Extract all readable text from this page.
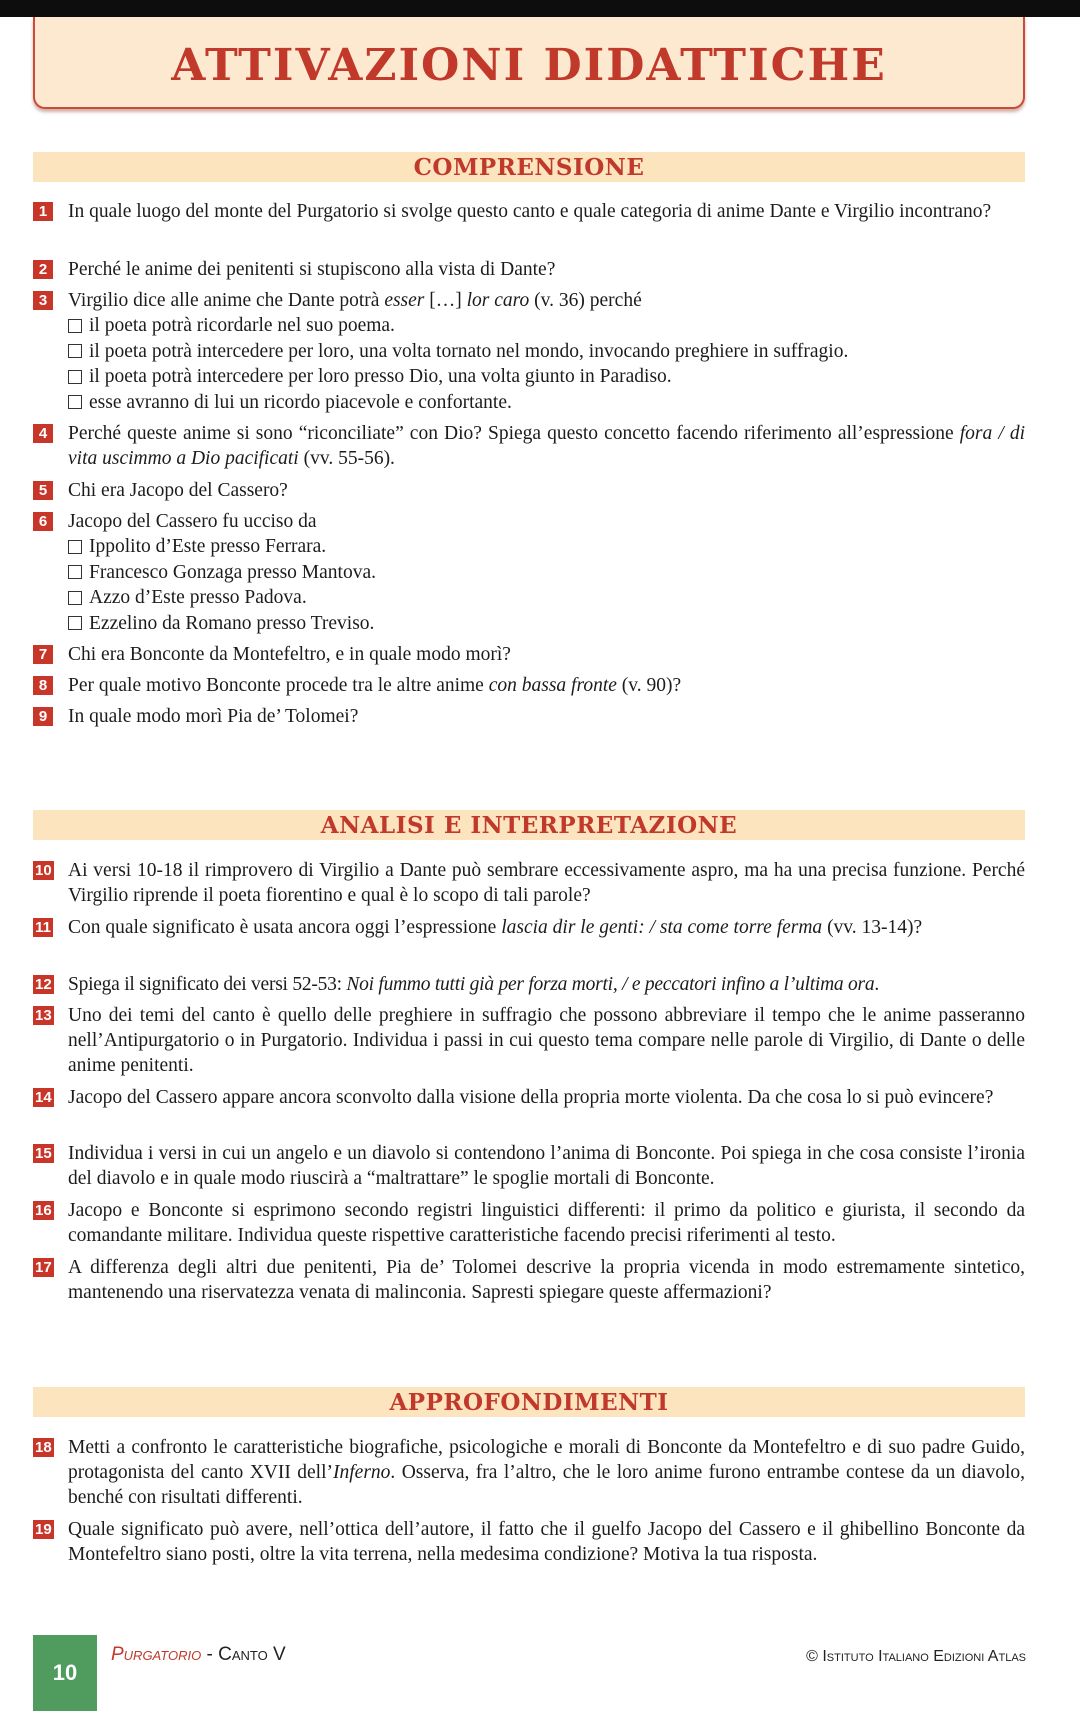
ATTIVAZIONI DIDATTICHE
COMPRENSIONE
1 In quale luogo del monte del Purgatorio si svolge questo canto e quale categoria di anime Dante e Virgilio incontrano?
2 Perché le anime dei penitenti si stupiscono alla vista di Dante?
3 Virgilio dice alle anime che Dante potrà esser […] lor caro (v. 36) perché
il poeta potrà ricordarle nel suo poema.
il poeta potrà intercedere per loro, una volta tornato nel mondo, invocando preghiere in suffragio.
il poeta potrà intercedere per loro presso Dio, una volta giunto in Paradiso.
esse avranno di lui un ricordo piacevole e confortante.
4 Perché queste anime si sono “riconciliate” con Dio? Spiega questo concetto facendo riferimento all’espressione fora / di vita uscimmo a Dio pacificati (vv. 55-56).
5 Chi era Jacopo del Cassero?
6 Jacopo del Cassero fu ucciso da
Ippolito d’Este presso Ferrara.
Francesco Gonzaga presso Mantova.
Azzo d’Este presso Padova.
Ezzelino da Romano presso Treviso.
7 Chi era Bonconte da Montefeltro, e in quale modo morì?
8 Per quale motivo Bonconte procede tra le altre anime con bassa fronte (v. 90)?
9 In quale modo morì Pia de’ Tolomei?
ANALISI E INTERPRETAZIONE
10 Ai versi 10-18 il rimprovero di Virgilio a Dante può sembrare eccessivamente aspro, ma ha una precisa funzione. Perché Virgilio riprende il poeta fiorentino e qual è lo scopo di tali parole?
11 Con quale significato è usata ancora oggi l’espressione lascia dir le genti: / sta come torre ferma (vv. 13-14)?
12 Spiega il significato dei versi 52-53: Noi fummo tutti già per forza morti, / e peccatori infino a l’ultima ora.
13 Uno dei temi del canto è quello delle preghiere in suffragio che possono abbreviare il tempo che le anime passeranno nell’Antipurgatorio o in Purgatorio. Individua i passi in cui questo tema compare nelle parole di Virgilio, di Dante o delle anime penitenti.
14 Jacopo del Cassero appare ancora sconvolto dalla visione della propria morte violenta. Da che cosa lo si può evincere?
15 Individua i versi in cui un angelo e un diavolo si contendono l’anima di Bonconte. Poi spiega in che cosa consiste l’ironia del diavolo e in quale modo riuscirà a “maltrattare” le spoglie mortali di Bonconte.
16 Jacopo e Bonconte si esprimono secondo registri linguistici differenti: il primo da politico e giurista, il secondo da comandante militare. Individua queste rispettive caratteristiche facendo precisi riferimenti al testo.
17 A differenza degli altri due penitenti, Pia de’ Tolomei descrive la propria vicenda in modo estremamente sintetico, mantenendo una riservatezza venata di malinconia. Sapresti spiegare queste affermazioni?
APPROFONDIMENTI
18 Metti a confronto le caratteristiche biografiche, psicologiche e morali di Bonconte da Montefeltro e di suo padre Guido, protagonista del canto XVII dell’Inferno. Osserva, fra l’altro, che le loro anime furono entrambe contese da un diavolo, benché con risultati differenti.
19 Quale significato può avere, nell’ottica dell’autore, il fatto che il guelfo Jacopo del Cassero e il ghibellino Bonconte da Montefeltro siano posti, oltre la vita terrena, nella medesima condizione? Motiva la tua risposta.
10
Purgatorio - Canto V	© Istituto Italiano Edizioni Atlas
